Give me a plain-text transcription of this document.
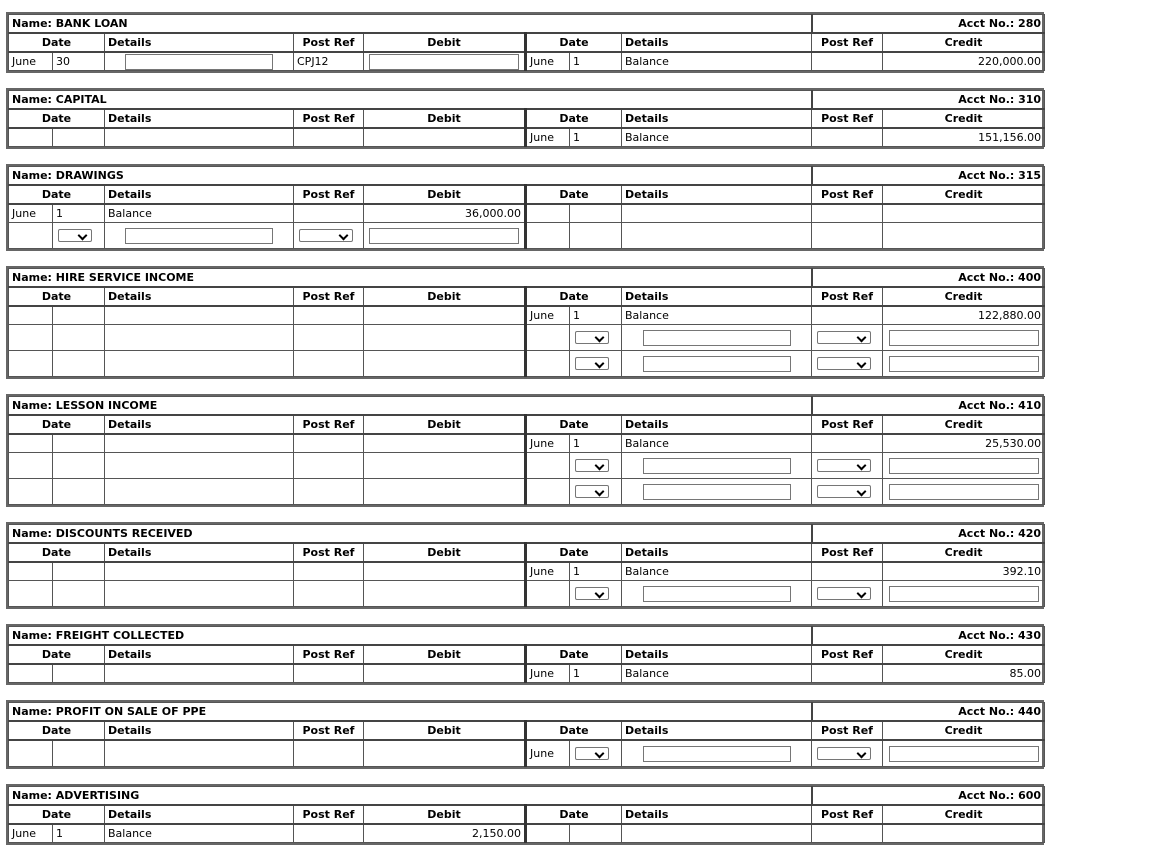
Name: BANK LOAN								Acct No.: 280	
Date		Details	Post Ref	Debit	Date		Details	Post Ref	Credit
June	30		CPJ12		June	1	Balance		220,000.00
Name: CAPITAL								Acct No.: 310	
Date		Details	Post Ref	Debit	Date		Details	Post Ref	Credit
					June	1	Balance		151,156.00
Name: DRAWINGS								Acct No.: 315	
Date		Details	Post Ref	Debit	Date		Details	Post Ref	Credit
June	1	Balance		36,000.00					

Name: HIRE SERVICE INCOME								Acct No.: 400	
Date		Details	Post Ref	Debit	Date		Details	Post Ref	Credit
					June	1	Balance		122,880.00

Name: LESSON INCOME								Acct No.: 410	
Date		Details	Post Ref	Debit	Date		Details	Post Ref	Credit
					June	1	Balance		25,530.00

Name: DISCOUNTS RECEIVED								Acct No.: 420	
Date		Details	Post Ref	Debit	Date		Details	Post Ref	Credit
					June	1	Balance		392.10

Name: FREIGHT COLLECTED								Acct No.: 430	
Date		Details	Post Ref	Debit	Date		Details	Post Ref	Credit
					June	1	Balance		85.00
Name: PROFIT ON SALE OF PPE								Acct No.: 440	
Date		Details	Post Ref	Debit	Date		Details	Post Ref	Credit
					June		

Name: ADVERTISING								Acct No.: 600	
Date		Details	Post Ref	Debit	Date		Details	Post Ref	Credit
June	1	Balance		2,150.00					
